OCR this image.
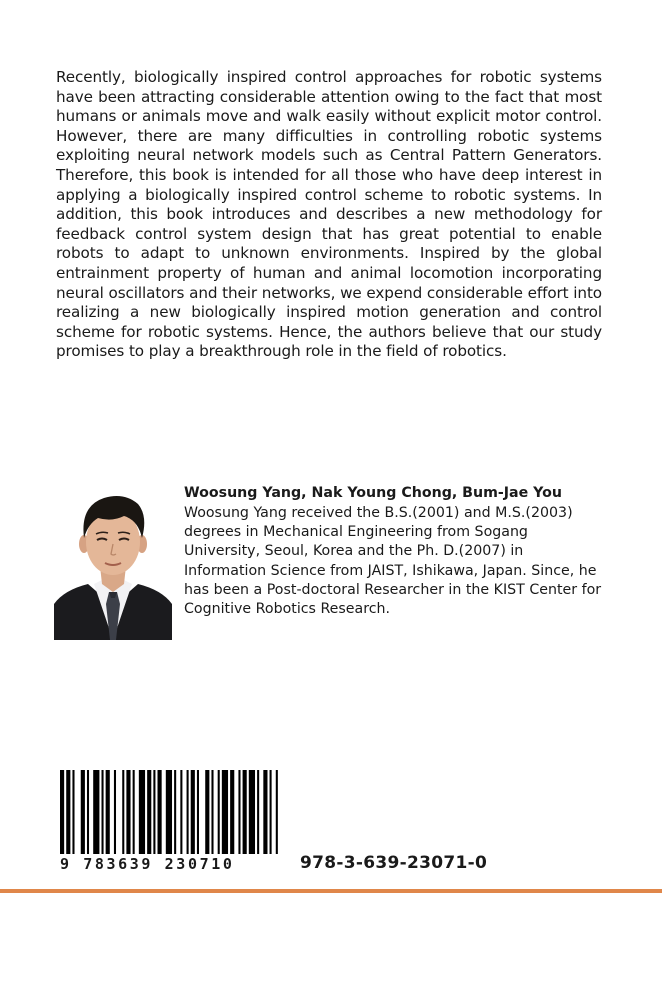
Recently, biologically inspired control approaches for robotic systems have been attracting considerable attention owing to the fact that most humans or animals move and walk easily without explicit motor control. However, there are many difficulties in controlling robotic systems exploiting neural network models such as Central Pattern Generators. Therefore, this book is intended for all those who have deep interest in applying a biologically inspired control scheme to robotic systems. In addition, this book introduces and describes a new methodology for feedback control system design that has great potential to enable robots to adapt to unknown environments. Inspired by the global entrainment property of human and animal locomotion incorporating neural oscillators and their networks, we expend considerable effort into realizing a new biologically inspired motion generation and control scheme for robotic systems. Hence, the authors believe that our study promises to play a breakthrough role in the field of robotics.

Woosung Yang, Nak Young Chong, Bum-Jae You

Woosung Yang received the B.S.(2001) and M.S.(2003) degrees in Mechanical Engineering from Sogang University, Seoul, Korea and the Ph. D.(2007) in Information Science from JAIST, Ishikawa, Japan. Since, he has been a Post-doctoral Researcher in the KIST Center for Cognitive Robotics Research.

9 783639 230710	978-3-639-23071-0
